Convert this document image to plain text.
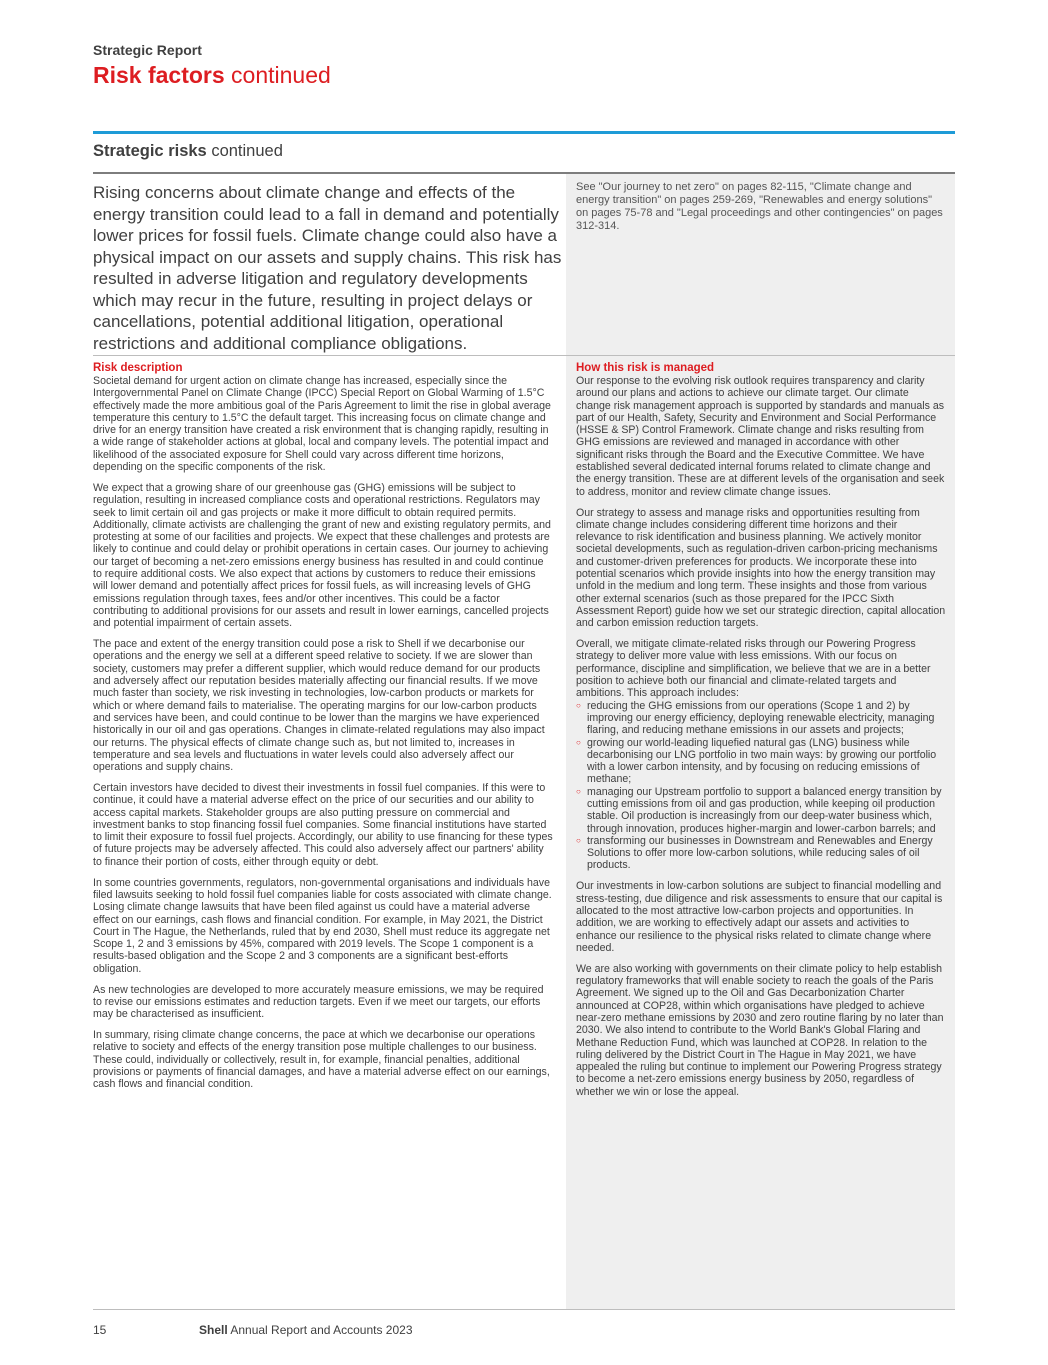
Strategic Report
Risk factors continued
Strategic risks continued
Rising concerns about climate change and effects of the energy transition could lead to a fall in demand and potentially lower prices for fossil fuels. Climate change could also have a physical impact on our assets and supply chains. This risk has resulted in adverse litigation and regulatory developments which may recur in the future, resulting in project delays or cancellations, potential additional litigation, operational restrictions and additional compliance obligations.
See "Our journey to net zero" on pages 82-115, "Climate change and energy transition" on pages 259-269, "Renewables and energy solutions" on pages 75-78 and "Legal proceedings and other contingencies" on pages 312-314.
Risk description

Societal demand for urgent action on climate change has increased, especially since the Intergovernmental Panel on Climate Change (IPCC) Special Report on Global Warming of 1.5°C effectively made the more ambitious goal of the Paris Agreement to limit the rise in global average temperature this century to 1.5°C the default target. This increasing focus on climate change and drive for an energy transition have created a risk environment that is changing rapidly, resulting in a wide range of stakeholder actions at global, local and company levels. The potential impact and likelihood of the associated exposure for Shell could vary across different time horizons, depending on the specific components of the risk.

We expect that a growing share of our greenhouse gas (GHG) emissions will be subject to regulation, resulting in increased compliance costs and operational restrictions. Regulators may seek to limit certain oil and gas projects or make it more difficult to obtain required permits. Additionally, climate activists are challenging the grant of new and existing regulatory permits, and protesting at some of our facilities and projects. We expect that these challenges and protests are likely to continue and could delay or prohibit operations in certain cases. Our journey to achieving our target of becoming a net-zero emissions energy business has resulted in and could continue to require additional costs. We also expect that actions by customers to reduce their emissions will lower demand and potentially affect prices for fossil fuels, as will increasing levels of GHG emissions regulation through taxes, fees and/or other incentives. This could be a factor contributing to additional provisions for our assets and result in lower earnings, cancelled projects and potential impairment of certain assets.

The pace and extent of the energy transition could pose a risk to Shell if we decarbonise our operations and the energy we sell at a different speed relative to society. If we are slower than society, customers may prefer a different supplier, which would reduce demand for our products and adversely affect our reputation besides materially affecting our financial results. If we move much faster than society, we risk investing in technologies, low-carbon products or markets for which or where demand fails to materialise. The operating margins for our low-carbon products and services have been, and could continue to be lower than the margins we have experienced historically in our oil and gas operations. Changes in climate-related regulations may also impact our returns. The physical effects of climate change such as, but not limited to, increases in temperature and sea levels and fluctuations in water levels could also adversely affect our operations and supply chains.

Certain investors have decided to divest their investments in fossil fuel companies. If this were to continue, it could have a material adverse effect on the price of our securities and our ability to access capital markets. Stakeholder groups are also putting pressure on commercial and investment banks to stop financing fossil fuel companies. Some financial institutions have started to limit their exposure to fossil fuel projects. Accordingly, our ability to use financing for these types of future projects may be adversely affected. This could also adversely affect our partners' ability to finance their portion of costs, either through equity or debt.

In some countries governments, regulators, non-governmental organisations and individuals have filed lawsuits seeking to hold fossil fuel companies liable for costs associated with climate change. Losing climate change lawsuits that have been filed against us could have a material adverse effect on our earnings, cash flows and financial condition. For example, in May 2021, the District Court in The Hague, the Netherlands, ruled that by end 2030, Shell must reduce its aggregate net Scope 1, 2 and 3 emissions by 45%, compared with 2019 levels. The Scope 1 component is a results-based obligation and the Scope 2 and 3 components are a significant best-efforts obligation.

As new technologies are developed to more accurately measure emissions, we may be required to revise our emissions estimates and reduction targets. Even if we meet our targets, our efforts may be characterised as insufficient.

In summary, rising climate change concerns, the pace at which we decarbonise our operations relative to society and effects of the energy transition pose multiple challenges to our business. These could, individually or collectively, result in, for example, financial penalties, additional provisions or payments of financial damages, and have a material adverse effect on our earnings, cash flows and financial condition.

How this risk is managed

Our response to the evolving risk outlook requires transparency and clarity around our plans and actions to achieve our climate target. Our climate change risk management approach is supported by standards and manuals as part of our Health, Safety, Security and Environment and Social Performance (HSSE & SP) Control Framework. Climate change and risks resulting from GHG emissions are reviewed and managed in accordance with other significant risks through the Board and the Executive Committee. We have established several dedicated internal forums related to climate change and the energy transition. These are at different levels of the organisation and seek to address, monitor and review climate change issues.

Our strategy to assess and manage risks and opportunities resulting from climate change includes considering different time horizons and their relevance to risk identification and business planning. We actively monitor societal developments, such as regulation-driven carbon-pricing mechanisms and customer-driven preferences for products. We incorporate these into potential scenarios which provide insights into how the energy transition may unfold in the medium and long term. These insights and those from various other external scenarios (such as those prepared for the IPCC Sixth Assessment Report) guide how we set our strategic direction, capital allocation and carbon emission reduction targets.

Overall, we mitigate climate-related risks through our Powering Progress strategy to deliver more value with less emissions. With our focus on performance, discipline and simplification, we believe that we are in a better position to achieve both our financial and climate-related targets and ambitions. This approach includes:

○ reducing the GHG emissions from our operations (Scope 1 and 2) by improving our energy efficiency, deploying renewable electricity, managing flaring, and reducing methane emissions in our assets and projects;
○ growing our world-leading liquefied natural gas (LNG) business while decarbonising our LNG portfolio in two main ways: by growing our portfolio with a lower carbon intensity, and by focusing on reducing emissions of methane;
○ managing our Upstream portfolio to support a balanced energy transition by cutting emissions from oil and gas production, while keeping oil production stable. Oil production is increasingly from our deep-water business which, through innovation, produces higher-margin and lower-carbon barrels; and
○ transforming our businesses in Downstream and Renewables and Energy Solutions to offer more low-carbon solutions, while reducing sales of oil products.

Our investments in low-carbon solutions are subject to financial modelling and stress-testing, due diligence and risk assessments to ensure that our capital is allocated to the most attractive low-carbon projects and opportunities. In addition, we are working to effectively adapt our assets and activities to enhance our resilience to the physical risks related to climate change where needed.

We are also working with governments on their climate policy to help establish regulatory frameworks that will enable society to reach the goals of the Paris Agreement. We signed up to the Oil and Gas Decarbonization Charter announced at COP28, within which organisations have pledged to achieve near-zero methane emissions by 2030 and zero routine flaring by no later than 2030. We also intend to contribute to the World Bank's Global Flaring and Methane Reduction Fund, which was launched at COP28. In relation to the ruling delivered by the District Court in The Hague in May 2021, we have appealed the ruling but continue to implement our Powering Progress strategy to become a net-zero emissions energy business by 2050, regardless of whether we win or lose the appeal.

15	Shell Annual Report and Accounts 2023
